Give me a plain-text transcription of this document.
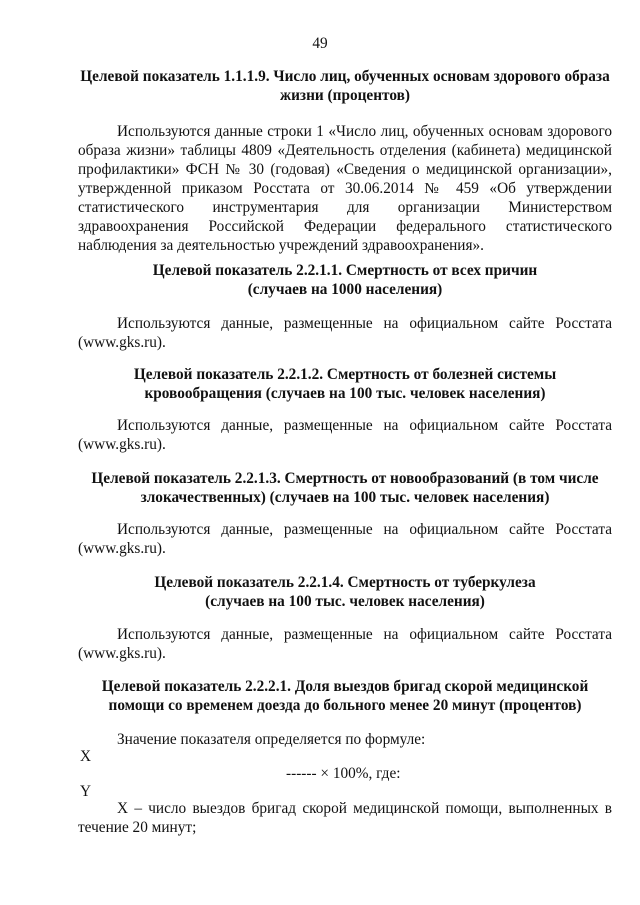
49
Целевой показатель 1.1.1.9. Число лиц, обученных основам здорового образа
жизни (процентов)
Используются данные строки 1 «Число лиц, обученных основам здорового образа жизни» таблицы 4809 «Деятельность отделения (кабинета) медицинской профилактики» ФСН № 30 (годовая) «Сведения о медицинской организации», утвержденной приказом Росстата от 30.06.2014 № 459 «Об утверждении статистического инструментария для организации Министерством здравоохранения Российской Федерации федерального статистического наблюдения за деятельностью учреждений здравоохранения».
Целевой показатель 2.2.1.1. Смертность от всех причин
(случаев на 1000 населения)
Используются данные, размещенные на официальном сайте Росстата (www.gks.ru).
Целевой показатель 2.2.1.2. Смертность от болезней системы
кровообращения (случаев на 100 тыс. человек населения)
Используются данные, размещенные на официальном сайте Росстата (www.gks.ru).
Целевой показатель 2.2.1.3. Смертность от новообразований (в том числе
злокачественных) (случаев на 100 тыс. человек населения)
Используются данные, размещенные на официальном сайте Росстата (www.gks.ru).
Целевой показатель 2.2.1.4. Смертность от туберкулеза
(случаев на 100 тыс. человек населения)
Используются данные, размещенные на официальном сайте Росстата (www.gks.ru).
Целевой показатель 2.2.2.1. Доля выездов бригад скорой медицинской
помощи со временем доезда до больного менее 20 минут (процентов)
Значение показателя определяется по формуле:
X
------ × 100%, где:
Y
X – число выездов бригад скорой медицинской помощи, выполненных в течение 20 минут;
